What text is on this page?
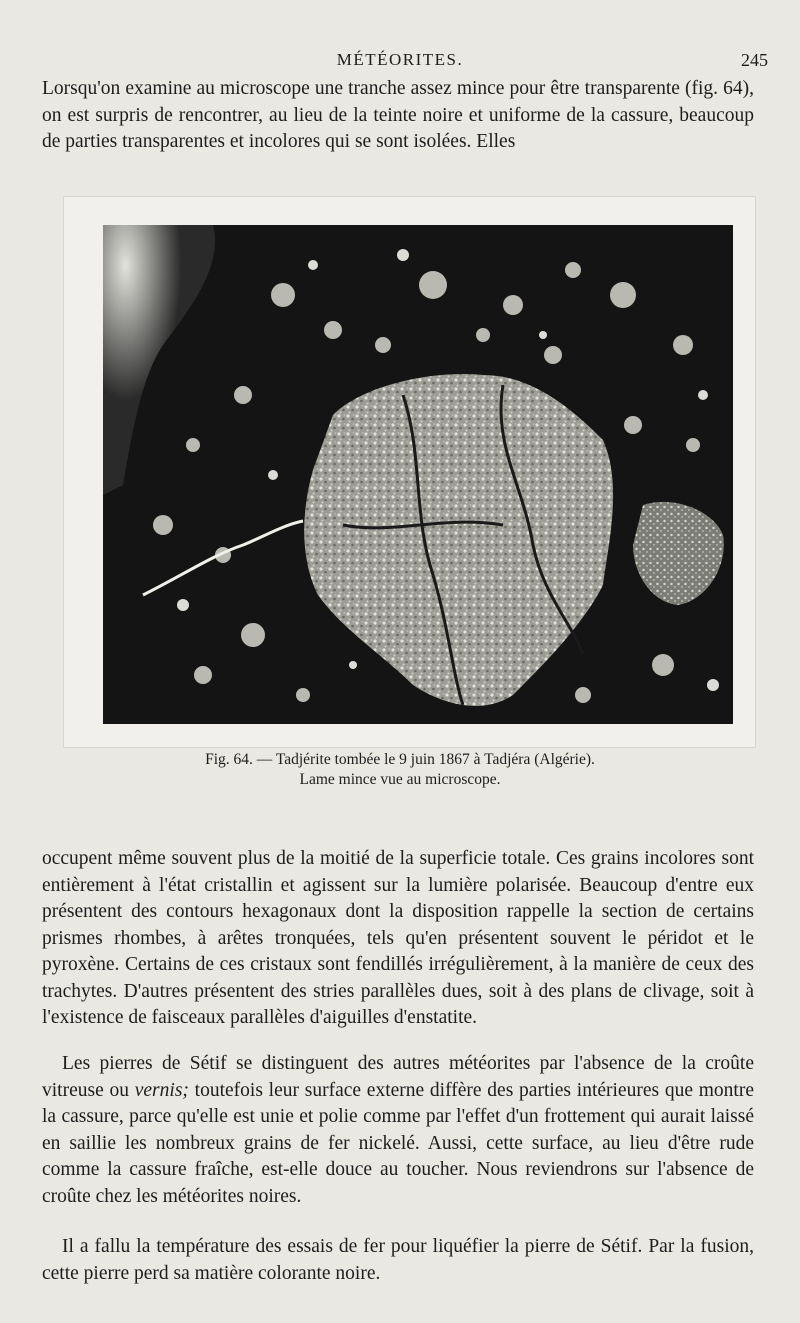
MÉTÉORITES.	245

Lorsqu'on examine au microscope une tranche assez mince pour être transparente (fig. 64), on est surpris de rencontrer, au lieu de la teinte noire et uniforme de la cassure, beaucoup de parties transparentes et incolores qui se sont isolées. Elles

Fig. 64. — Tadjérite tombée le 9 juin 1867 à Tadjéra (Algérie).
Lame mince vue au microscope.

occupent même souvent plus de la moitié de la superficie totale. Ces grains incolores sont entièrement à l'état cristallin et agissent sur la lumière polarisée. Beaucoup d'entre eux présentent des contours hexagonaux dont la disposition rappelle la section de certains prismes rhombes, à arêtes tronquées, tels qu'en présentent souvent le péridot et le pyroxène. Certains de ces cristaux sont fendillés irrégulièrement, à la manière de ceux des trachytes. D'autres présentent des stries parallèles dues, soit à des plans de clivage, soit à l'existence de faisceaux parallèles d'aiguilles d'enstatite.

Les pierres de Sétif se distinguent des autres météorites par l'absence de la croûte vitreuse ou vernis; toutefois leur surface externe diffère des parties intérieures que montre la cassure, parce qu'elle est unie et polie comme par l'effet d'un frottement qui aurait laissé en saillie les nombreux grains de fer nickelé. Aussi, cette surface, au lieu d'être rude comme la cassure fraîche, est-elle douce au toucher. Nous reviendrons sur l'absence de croûte chez les météorites noires.

Il a fallu la température des essais de fer pour liquéfier la pierre de Sétif. Par la fusion, cette pierre perd sa matière colorante noire.
